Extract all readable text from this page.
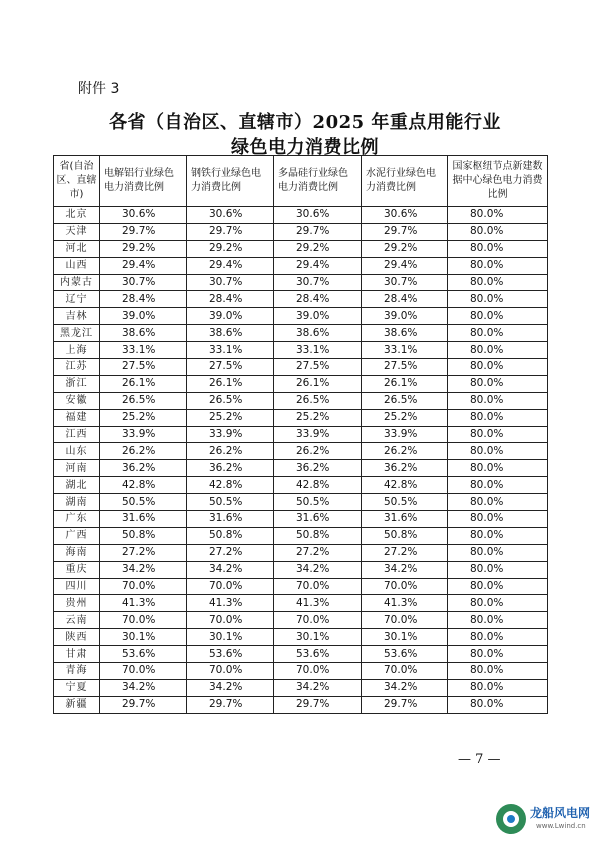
附件 3
各省（自治区、直辖市）2025 年重点用能行业
绿色电力消费比例
省(自治区、直辖市)	电解铝行业绿色电力消费比例	钢铁行业绿色电力消费比例	多晶硅行业绿色电力消费比例	水泥行业绿色电力消费比例	国家枢纽节点新建数据中心绿色电力消费比例
北京	30.6%	30.6%	30.6%	30.6%	80.0%
天津	29.7%	29.7%	29.7%	29.7%	80.0%
河北	29.2%	29.2%	29.2%	29.2%	80.0%
山西	29.4%	29.4%	29.4%	29.4%	80.0%
内蒙古	30.7%	30.7%	30.7%	30.7%	80.0%
辽宁	28.4%	28.4%	28.4%	28.4%	80.0%
吉林	39.0%	39.0%	39.0%	39.0%	80.0%
黑龙江	38.6%	38.6%	38.6%	38.6%	80.0%
上海	33.1%	33.1%	33.1%	33.1%	80.0%
江苏	27.5%	27.5%	27.5%	27.5%	80.0%
浙江	26.1%	26.1%	26.1%	26.1%	80.0%
安徽	26.5%	26.5%	26.5%	26.5%	80.0%
福建	25.2%	25.2%	25.2%	25.2%	80.0%
江西	33.9%	33.9%	33.9%	33.9%	80.0%
山东	26.2%	26.2%	26.2%	26.2%	80.0%
河南	36.2%	36.2%	36.2%	36.2%	80.0%
湖北	42.8%	42.8%	42.8%	42.8%	80.0%
湖南	50.5%	50.5%	50.5%	50.5%	80.0%
广东	31.6%	31.6%	31.6%	31.6%	80.0%
广西	50.8%	50.8%	50.8%	50.8%	80.0%
海南	27.2%	27.2%	27.2%	27.2%	80.0%
重庆	34.2%	34.2%	34.2%	34.2%	80.0%
四川	70.0%	70.0%	70.0%	70.0%	80.0%
贵州	41.3%	41.3%	41.3%	41.3%	80.0%
云南	70.0%	70.0%	70.0%	70.0%	80.0%
陕西	30.1%	30.1%	30.1%	30.1%	80.0%
甘肃	53.6%	53.6%	53.6%	53.6%	80.0%
青海	70.0%	70.0%	70.0%	70.0%	80.0%
宁夏	34.2%	34.2%	34.2%	34.2%	80.0%
新疆	29.7%	29.7%	29.7%	29.7%	80.0%
— 7 —
龙船风电网
www.Lwind.cn
